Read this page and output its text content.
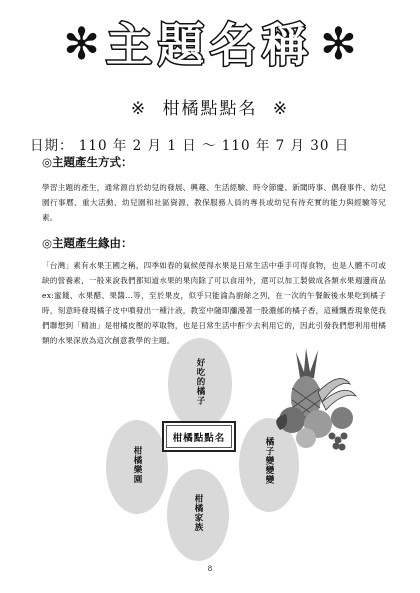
✻ 主題名稱 ✻
※ 柑橘點點名 ※
日期： 110 年 2 月 1 日 ～ 110 年 7 月 30 日
◎主題產生方式：
學習主題的產生，通常源自於幼兒的發展、興趣、生活經驗、時令節慶、新聞時事、偶發事件、幼兒園行事曆、重大活動、幼兒園和社區資源、教保服務人員的專長或幼兒有待充實的能力與經驗等兄素。
◎主題產生緣由：
「台灣」素有水果王國之稱，四季如春的氣候使得水果是日常生活中垂手可得食物，也是人體不可或缺的營養素，一般來說我們都知道水果的果肉除了可以食用外，還可以加工製做成各類水果週邊商品 ex:蜜餞、水果醋、果醬…等，至於果皮，似乎只能淪為廚餘之列，在一次的午餐飯後水果吃到橘子時，刻意時發現橘子皮中噴發出一種汁液，教室中隨即瀰漫著一股濃郁的橘子香，這種飄香現象使我們聯想到「精油」是柑橘皮壓的萃取物，也是日常生活中酐少去利用它的，因此引發我們想利用柑橘類的水果深放為這次創意教學的主題。
好吃的橘子
柑橘樂園	橘子變變變
柑橘家族
柑橘點點名
8
